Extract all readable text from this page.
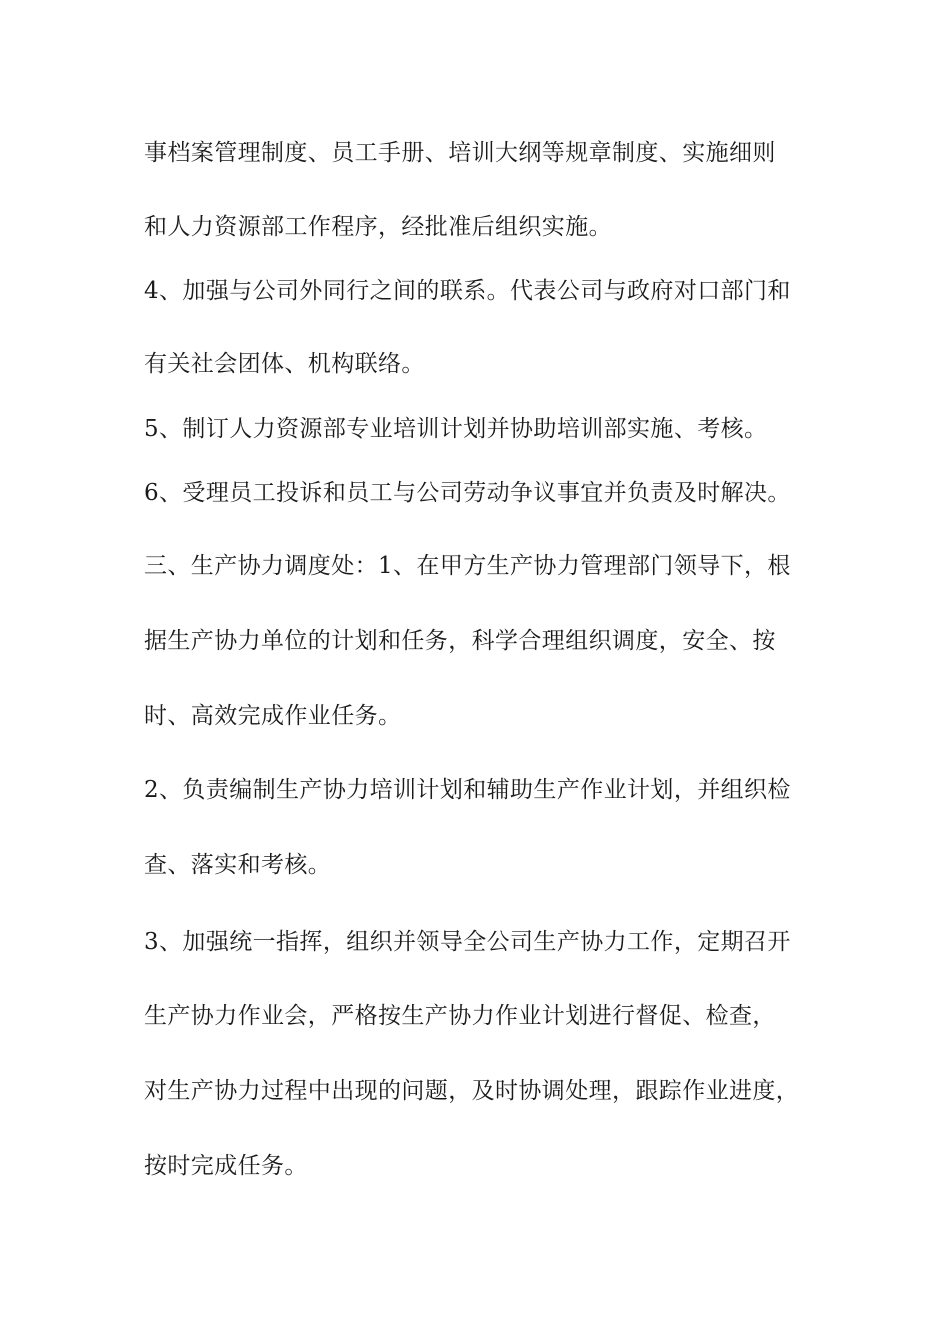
事档案管理制度、员工手册、培训大纲等规章制度、实施细则
和人力资源部工作程序，经批准后组织实施。
4、加强与公司外同行之间的联系。代表公司与政府对口部门和
有关社会团体、机构联络。
5、制订人力资源部专业培训计划并协助培训部实施、考核。
6、受理员工投诉和员工与公司劳动争议事宜并负责及时解决。
三、生产协力调度处：1、在甲方生产协力管理部门领导下，根
据生产协力单位的计划和任务，科学合理组织调度，安全、按
时、高效完成作业任务。
2、负责编制生产协力培训计划和辅助生产作业计划，并组织检
查、落实和考核。
3、加强统一指挥，组织并领导全公司生产协力工作，定期召开
生产协力作业会，严格按生产协力作业计划进行督促、检查，
对生产协力过程中出现的问题，及时协调处理，跟踪作业进度，
按时完成任务。
